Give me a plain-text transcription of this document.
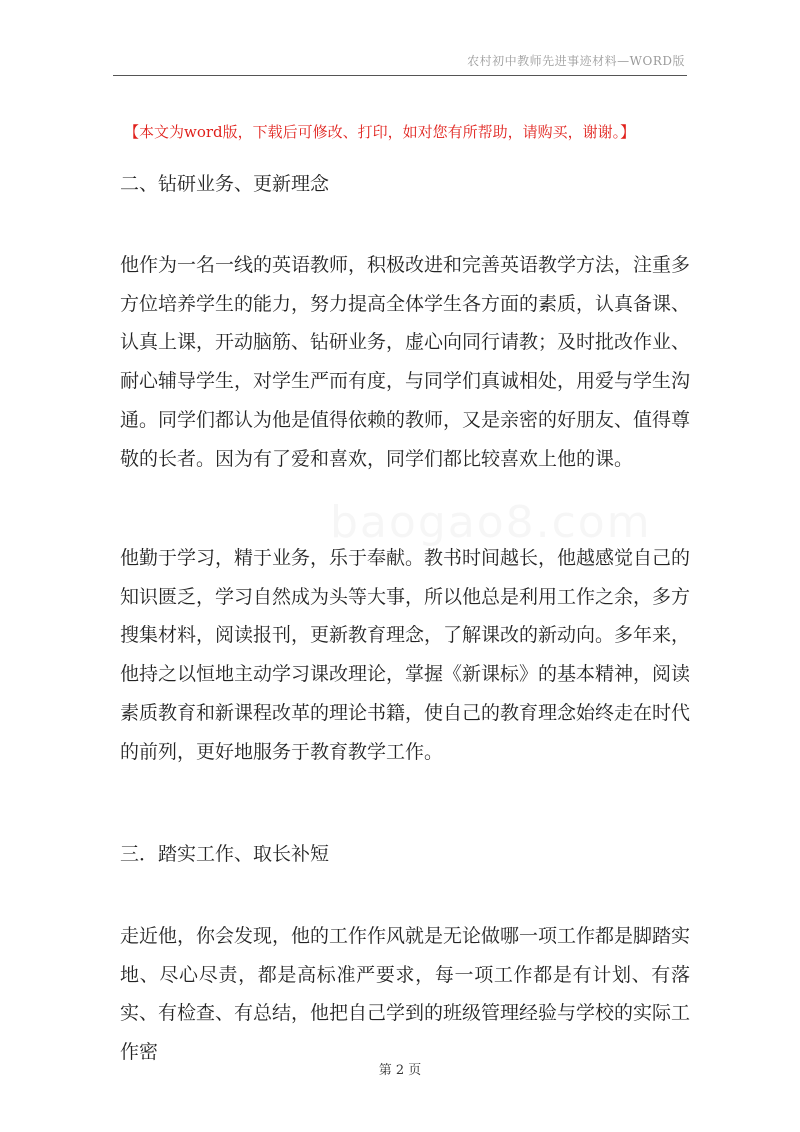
农村初中教师先进事迹材料—WORD版
baogao8.com
【本文为word版，下载后可修改、打印，如对您有所帮助，请购买，谢谢。】

二、钻研业务、更新理念

他作为一名一线的英语教师，积极改进和完善英语教学方法，注重多方位培养学生的能力，努力提高全体学生各方面的素质，认真备课、认真上课，开动脑筋、钻研业务，虚心向同行请教；及时批改作业、耐心辅导学生，对学生严而有度，与同学们真诚相处，用爱与学生沟通。同学们都认为他是值得依赖的教师，又是亲密的好朋友、值得尊敬的长者。因为有了爱和喜欢，同学们都比较喜欢上他的课。

他勤于学习，精于业务，乐于奉献。教书时间越长，他越感觉自己的知识匮乏，学习自然成为头等大事，所以他总是利用工作之余，多方搜集材料，阅读报刊，更新教育理念，了解课改的新动向。多年来，他持之以恒地主动学习课改理论，掌握《新课标》的基本精神，阅读素质教育和新课程改革的理论书籍，使自己的教育理念始终走在时代的前列，更好地服务于教育教学工作。

三．踏实工作、取长补短

走近他，你会发现，他的工作作风就是无论做哪一项工作都是脚踏实地、尽心尽责，都是高标准严要求，每一项工作都是有计划、有落实、有检查、有总结，他把自己学到的班级管理经验与学校的实际工作密

第 2 页
